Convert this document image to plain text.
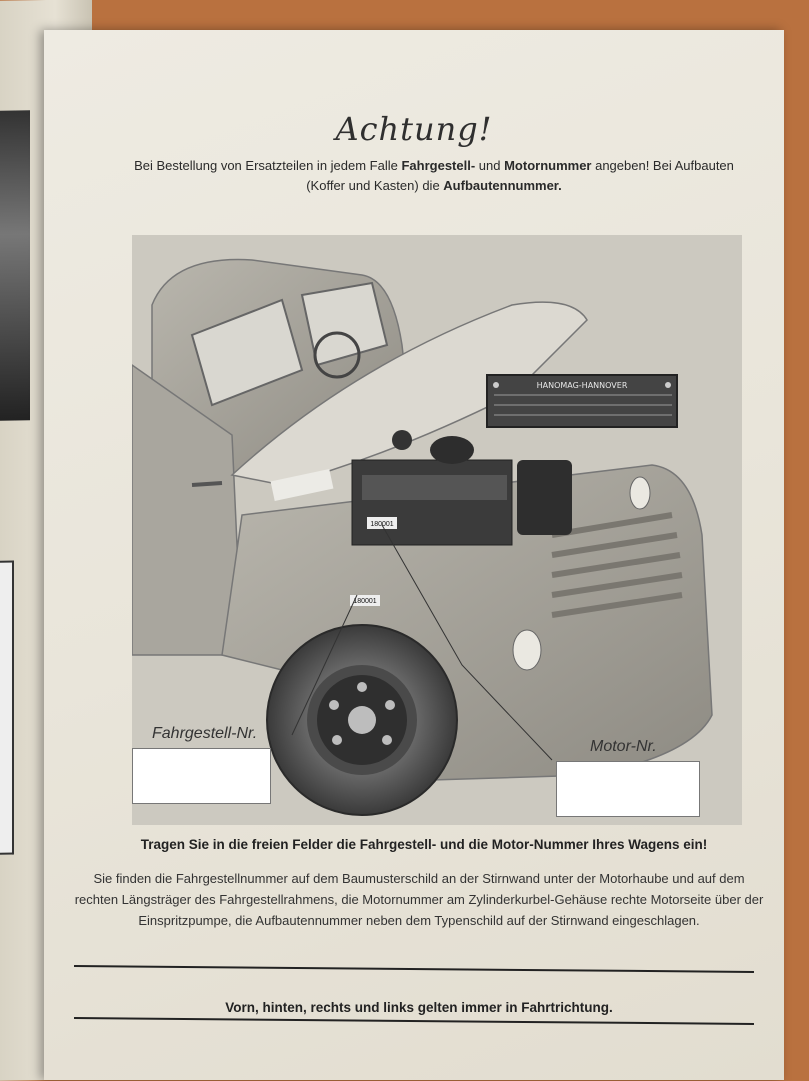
Achtung!
Bei Bestellung von Ersatzteilen in jedem Falle Fahrgestell- und Motornummer angeben! Bei Aufbauten (Koffer und Kasten) die Aufbautennummer.
180001
180001
HANOMAG-HANNOVER
Fahrgestell-Nr.
Motor-Nr.
Tragen Sie in die freien Felder die Fahrgestell- und die Motor-Nummer Ihres Wagens ein!
Sie finden die Fahrgestellnummer auf dem Baumusterschild an der Stirnwand unter der Motorhaube und auf dem rechten Längsträger des Fahrgestellrahmens, die Motornummer am Zylinderkurbel-Gehäuse rechte Motorseite über der Einspritzpumpe, die Aufbautennummer neben dem Typenschild auf der Stirnwand eingeschlagen.
Vorn, hinten, rechts und links gelten immer in Fahrtrichtung.
